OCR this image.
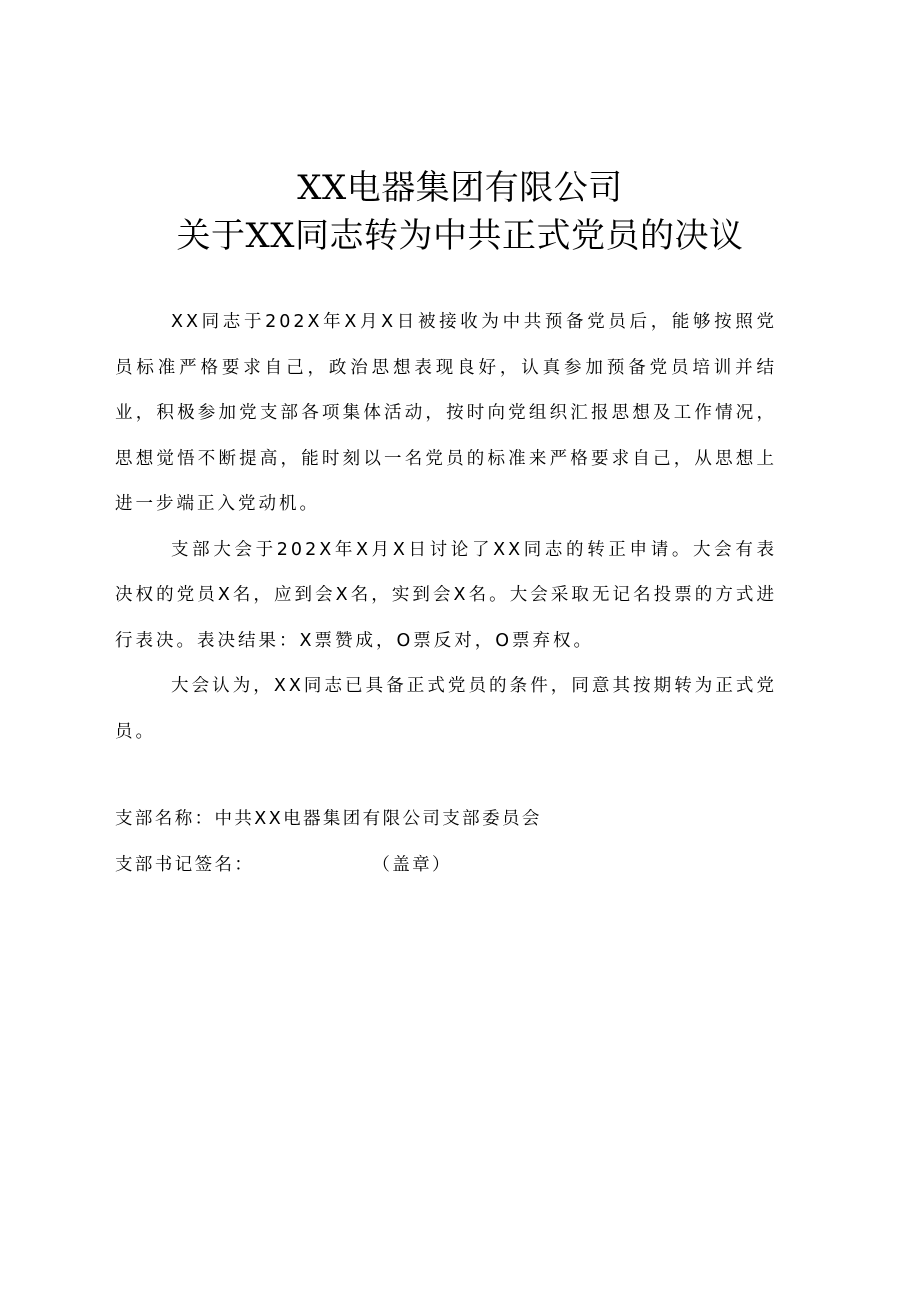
XX电器集团有限公司
关于XX同志转为中共正式党员的决议

XX同志于202X年X月X日被接收为中共预备党员后，能够按照党员标准严格要求自己，政治思想表现良好，认真参加预备党员培训并结业，积极参加党支部各项集体活动，按时向党组织汇报思想及工作情况，思想觉悟不断提高，能时刻以一名党员的标准来严格要求自己，从思想上进一步端正入党动机。

支部大会于202X年X月X日讨论了XX同志的转正申请。大会有表决权的党员X名，应到会X名，实到会X名。大会采取无记名投票的方式进行表决。表决结果：X票赞成，O票反对，O票弃权。

大会认为，XX同志已具备正式党员的条件，同意其按期转为正式党员。

支部名称：中共XX电器集团有限公司支部委员会
支部书记签名：	（盖章）
